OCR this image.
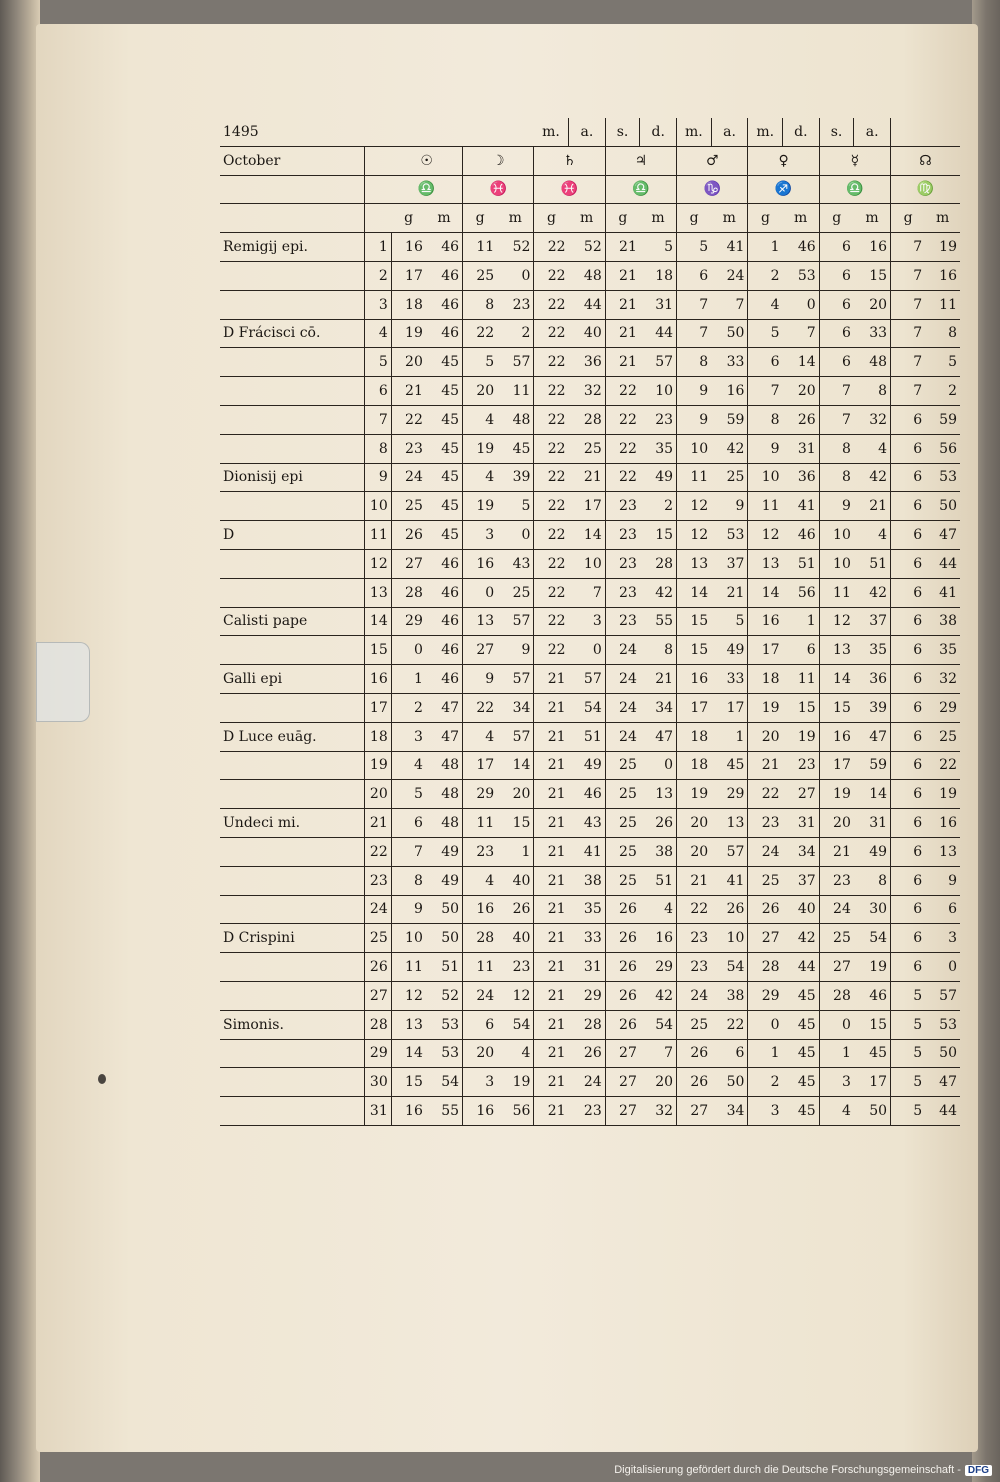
1495						m.	a.	s.	d.	m.	a.	m.	d.	s.	a.		
October		☉		☽		♄		♃		♂		♀		☿		☊	
		♎		♓		♓		♎		♑		♐		♎		♍	
		g	m	g	m	g	m	g	m	g	m	g	m	g	m	g	m
Remigij epi.	1	16	46	11	52	22	52	21	5	5	41	1	46	6	16	7	19
	2	17	46	25	0	22	48	21	18	6	24	2	53	6	15	7	16
	3	18	46	8	23	22	44	21	31	7	7	4	0	6	20	7	11
D Frácisci cō.	4	19	46	22	2	22	40	21	44	7	50	5	7	6	33	7	8
	5	20	45	5	57	22	36	21	57	8	33	6	14	6	48	7	5
	6	21	45	20	11	22	32	22	10	9	16	7	20	7	8	7	2
	7	22	45	4	48	22	28	22	23	9	59	8	26	7	32	6	59
	8	23	45	19	45	22	25	22	35	10	42	9	31	8	4	6	56
Dionisij epi	9	24	45	4	39	22	21	22	49	11	25	10	36	8	42	6	53
	10	25	45	19	5	22	17	23	2	12	9	11	41	9	21	6	50
D	11	26	45	3	0	22	14	23	15	12	53	12	46	10	4	6	47
	12	27	46	16	43	22	10	23	28	13	37	13	51	10	51	6	44
	13	28	46	0	25	22	7	23	42	14	21	14	56	11	42	6	41
Calisti pape	14	29	46	13	57	22	3	23	55	15	5	16	1	12	37	6	38
	15	0	46	27	9	22	0	24	8	15	49	17	6	13	35	6	35
Galli epi	16	1	46	9	57	21	57	24	21	16	33	18	11	14	36	6	32
	17	2	47	22	34	21	54	24	34	17	17	19	15	15	39	6	29
D Luce euāg.	18	3	47	4	57	21	51	24	47	18	1	20	19	16	47	6	25
	19	4	48	17	14	21	49	25	0	18	45	21	23	17	59	6	22
	20	5	48	29	20	21	46	25	13	19	29	22	27	19	14	6	19
Undeci mi.	21	6	48	11	15	21	43	25	26	20	13	23	31	20	31	6	16
	22	7	49	23	1	21	41	25	38	20	57	24	34	21	49	6	13
	23	8	49	4	40	21	38	25	51	21	41	25	37	23	8	6	9
	24	9	50	16	26	21	35	26	4	22	26	26	40	24	30	6	6
D Crispini	25	10	50	28	40	21	33	26	16	23	10	27	42	25	54	6	3
	26	11	51	11	23	21	31	26	29	23	54	28	44	27	19	6	0
	27	12	52	24	12	21	29	26	42	24	38	29	45	28	46	5	57
Simonis.	28	13	53	6	54	21	28	26	54	25	22	0	45	0	15	5	53
	29	14	53	20	4	21	26	27	7	26	6	1	45	1	45	5	50
	30	15	54	3	19	21	24	27	20	26	50	2	45	3	17	5	47
	31	16	55	16	56	21	23	27	32	27	34	3	45	4	50	5	44
Digitalisierung gefördert durch die Deutsche Forschungsgemeinschaft - DFG
